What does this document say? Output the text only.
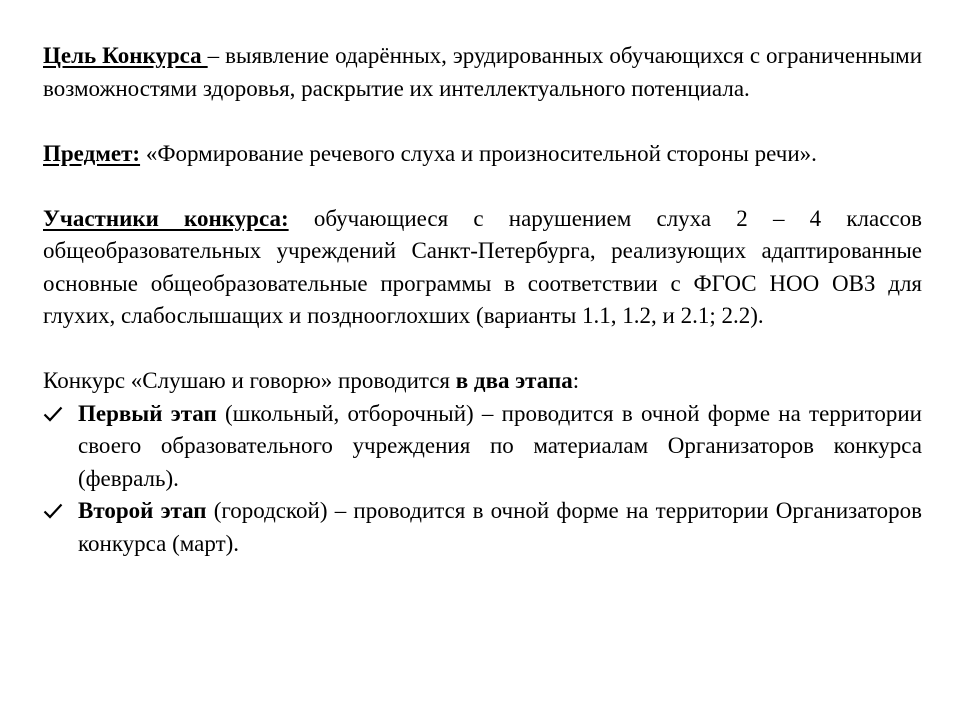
Цель Конкурса – выявление одарённых, эрудированных обучающихся с ограниченными возможностями здоровья, раскрытие их интеллектуального потенциала.

Предмет: «Формирование речевого слуха и произносительной стороны речи».

Участники конкурса: обучающиеся с нарушением слуха 2 – 4 классов общеобразовательных учреждений Санкт-Петербурга, реализующих адаптированные основные общеобразовательные программы в соответствии с ФГОС НОО ОВЗ для глухих, слабослышащих и позднооглохших (варианты 1.1, 1.2, и 2.1; 2.2).

Конкурс «Слушаю и говорю» проводится в два этапа:

Первый этап (школьный, отборочный) – проводится в очной форме на территории своего образовательного учреждения по материалам Организаторов конкурса (февраль).
Второй этап (городской) – проводится в очной форме на территории Организаторов конкурса (март).
